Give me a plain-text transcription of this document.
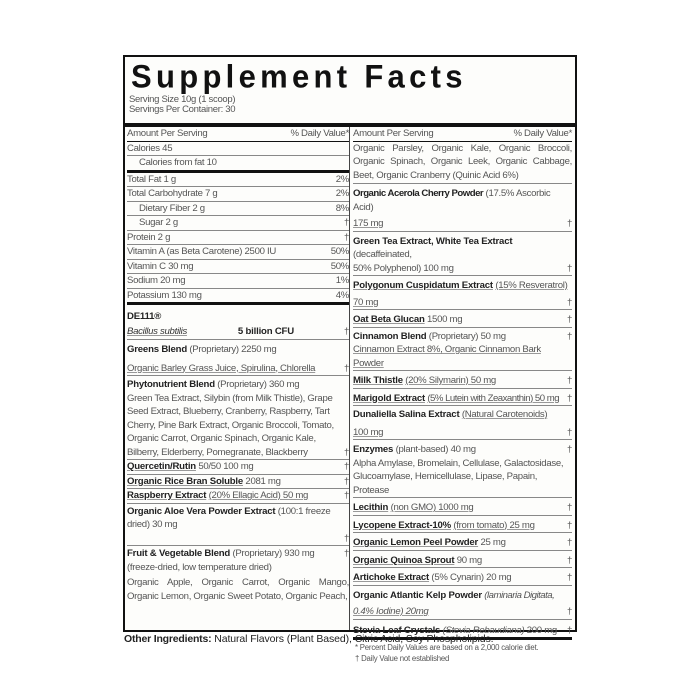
Supplement Facts
Serving Size 10g (1 scoop)
Servings Per Container: 30
Amount Per Serving	% Daily Value*
Calories 45
Calories from fat 10
Total Fat 1 g	2%
Total Carbohydrate 7 g	2%
Dietary Fiber 2 g	8%
Sugar 2 g	†
Protein 2 g	†
Vitamin A (as Beta Carotene) 2500 IU	50%
Vitamin C 30 mg	50%
Sodium 20 mg	1%
Potassium 130 mg	4%
DE111®
Bacillus subtilis	5 billion CFU	†
Greens Blend (Proprietary) 2250 mg
Organic Barley Grass Juice, Spirulina, Chlorella	†
Phytonutrient Blend (Proprietary) 360 mg
Green Tea Extract, Silybin (from Milk Thistle), Grape Seed Extract, Blueberry, Cranberry, Raspberry, Tart Cherry, Pine Bark Extract, Organic Broccoli, Tomato, Organic Carrot, Organic Spinach, Organic Kale, Bilberry, Elderberry, Pomegranate, Blackberry	†
Quercetin/Rutin 50/50 100 mg	†
Organic Rice Bran Soluble 2081 mg	†
Raspberry Extract (20% Ellagic Acid) 50 mg	†
Organic Aloe Vera Powder Extract (100:1 freeze dried) 30 mg
†
Fruit & Vegetable Blend (Proprietary) 930 mg	†
(freeze-dried, low temperature dried)
Organic Apple, Organic Carrot, Organic Mango, Organic Lemon, Organic Sweet Potato, Organic Peach,
Amount Per Serving	% Daily Value*
Organic Parsley, Organic Kale, Organic Broccoli, Organic Spinach, Organic Leek, Organic Cabbage, Beet, Organic Cranberry (Quinic Acid 6%)
Organic Acerola Cherry Powder (17.5% Ascorbic Acid)
175 mg	†
Green Tea Extract, White Tea Extract (decaffeinated,
50% Polyphenol) 100 mg	†
Polygonum Cuspidatum Extract (15% Resveratrol)
70 mg	†
Oat Beta Glucan 1500 mg	†
Cinnamon Blend (Proprietary) 50 mg	†
Cinnamon Extract 8%, Organic Cinnamon Bark Powder
Milk Thistle (20% Silymarin) 50 mg	†
Marigold Extract (5% Lutein with Zeaxanthin) 50 mg †
Dunaliella Salina Extract (Natural Carotenoids)
100 mg	†
Enzymes (plant-based) 40 mg	†
Alpha Amylase, Bromelain, Cellulase, Galactosidase, Glucoamylase, Hemicellulase, Lipase, Papain, Protease
Lecithin (non GMO) 1000 mg	†
Lycopene Extract-10% (from tomato) 25 mg	†
Organic Lemon Peel Powder 25 mg	†
Organic Quinoa Sprout 90 mg	†
Artichoke Extract (5% Cynarin) 20 mg	†
Organic Atlantic Kelp Powder (laminaria Digitata,
0.4% Iodine) 20mg	†
Stevia Leaf Crystals (Stevia Rebaudiana) 200 mg	†
* Percent Daily Values are based on a 2,000 calorie diet.
† Daily Value not established
Other Ingredients: Natural Flavors (Plant Based), Citric Acid, Soy Phospholipids.
